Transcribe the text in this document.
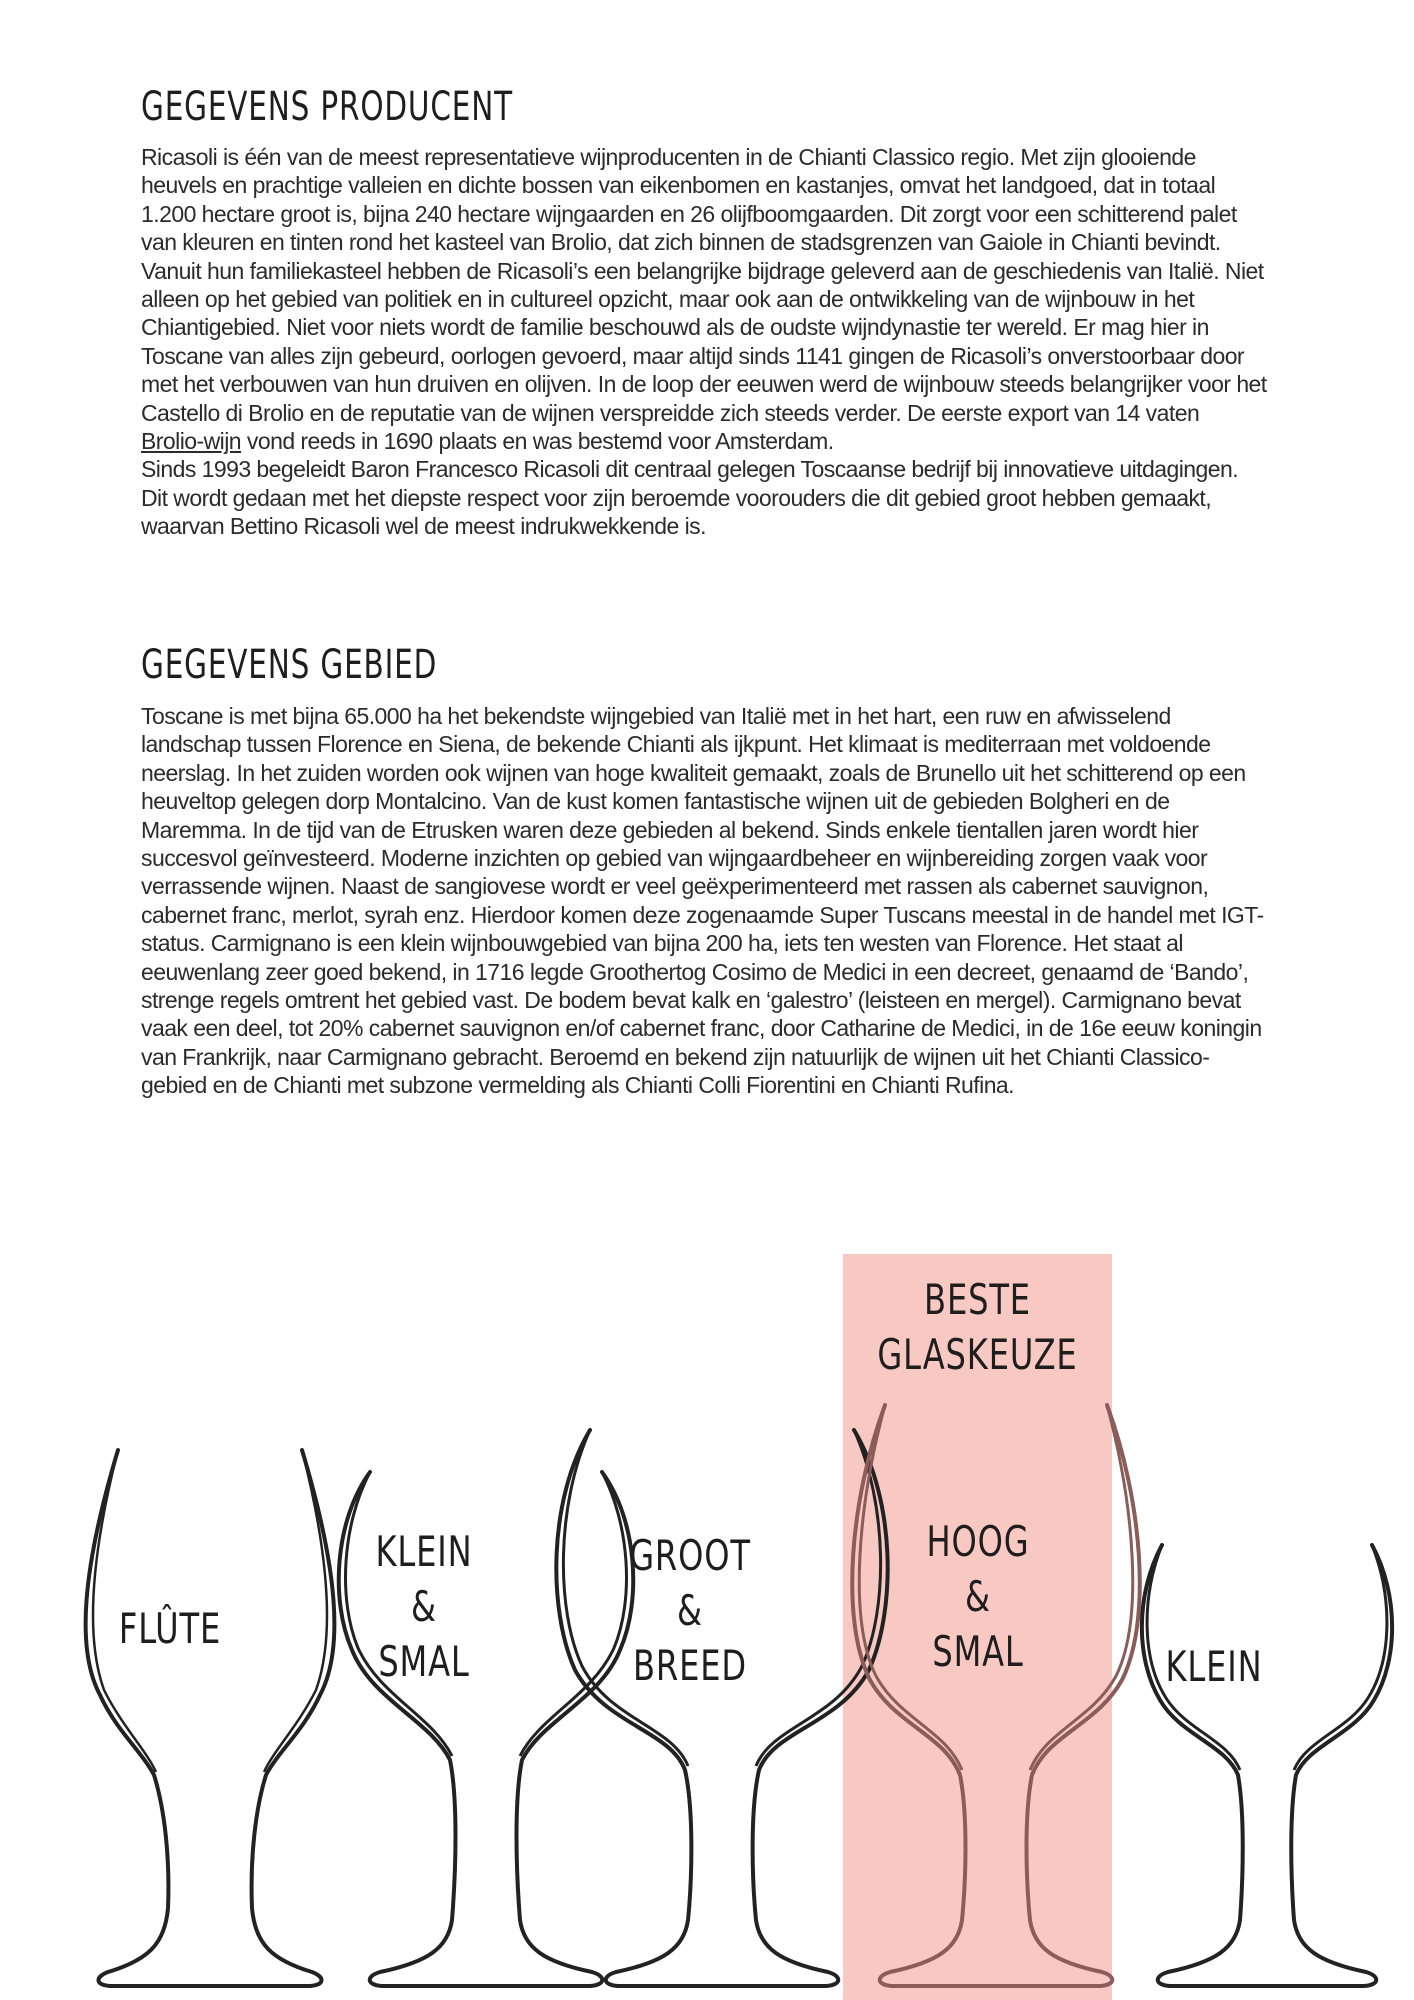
GEGEVENS PRODUCENT

Ricasoli is één van de meest representatieve wijnproducenten in de Chianti Classico regio. Met zijn glooiende heuvels en prachtige valleien en dichte bossen van eikenbomen en kastanjes, omvat het landgoed, dat in totaal 1.200 hectare groot is, bijna 240 hectare wijngaarden en 26 olijfboomgaarden. Dit zorgt voor een schitterend palet van kleuren en tinten rond het kasteel van Brolio, dat zich binnen de stadsgrenzen van Gaiole in Chianti bevindt. Vanuit hun familiekasteel hebben de Ricasoli’s een belangrijke bijdrage geleverd aan de geschiedenis van Italië. Niet alleen op het gebied van politiek en in cultureel opzicht, maar ook aan de ontwikkeling van de wijnbouw in het Chiantigebied. Niet voor niets wordt de familie beschouwd als de oudste wijndynastie ter wereld. Er mag hier in Toscane van alles zijn gebeurd, oorlogen gevoerd, maar altijd sinds 1141 gingen de Ricasoli’s onverstoorbaar door met het verbouwen van hun druiven en olijven. In de loop der eeuwen werd de wijnbouw steeds belangrijker voor het Castello di Brolio en de reputatie van de wijnen verspreidde zich steeds verder. De eerste export van 14 vaten Brolio-wijn vond reeds in 1690 plaats en was bestemd voor Amsterdam.

Sinds 1993 begeleidt Baron Francesco Ricasoli dit centraal gelegen Toscaanse bedrijf bij innovatieve uitdagingen. Dit wordt gedaan met het diepste respect voor zijn beroemde voorouders die dit gebied groot hebben gemaakt, waarvan Bettino Ricasoli wel de meest indrukwekkende is.

GEGEVENS GEBIED

Toscane is met bijna 65.000 ha het bekendste wijngebied van Italië met in het hart, een ruw en afwisselend landschap tussen Florence en Siena, de bekende Chianti als ijkpunt. Het klimaat is mediterraan met voldoende neerslag. In het zuiden worden ook wijnen van hoge kwaliteit gemaakt, zoals de Brunello uit het schitterend op een heuveltop gelegen dorp Montalcino. Van de kust komen fantastische wijnen uit de gebieden Bolgheri en de Maremma. In de tijd van de Etrusken waren deze gebieden al bekend. Sinds enkele tientallen jaren wordt hier succesvol geïnvesteerd. Moderne inzichten op gebied van wijngaardbeheer en wijnbereiding zorgen vaak voor verrassende wijnen. Naast de sangiovese wordt er veel geëxperimenteerd met rassen als cabernet sauvignon, cabernet franc, merlot, syrah enz. Hierdoor komen deze zogenaamde Super Tuscans meestal in de handel met IGT-status. Carmignano is een klein wijnbouwgebied van bijna 200 ha, iets ten westen van Florence. Het staat al eeuwenlang zeer goed bekend, in 1716 legde Groothertog Cosimo de Medici in een decreet, genaamd de ‘Bando’, strenge regels omtrent het gebied vast. De bodem bevat kalk en ‘galestro’ (leisteen en mergel). Carmignano bevat vaak een deel, tot 20% cabernet sauvignon en/of cabernet franc, door Catharine de Medici, in de 16e eeuw koningin van Frankrijk, naar Carmignano gebracht. Beroemd en bekend zijn natuurlijk de wijnen uit het Chianti Classico-gebied en de Chianti met subzone vermelding als Chianti Colli Fiorentini en Chianti Rufina.

BESTE
GLASKEUZE
FLÛTE
KLEIN
&
SMAL
GROOT
&
BREED
HOOG
&
SMAL	KLEIN
